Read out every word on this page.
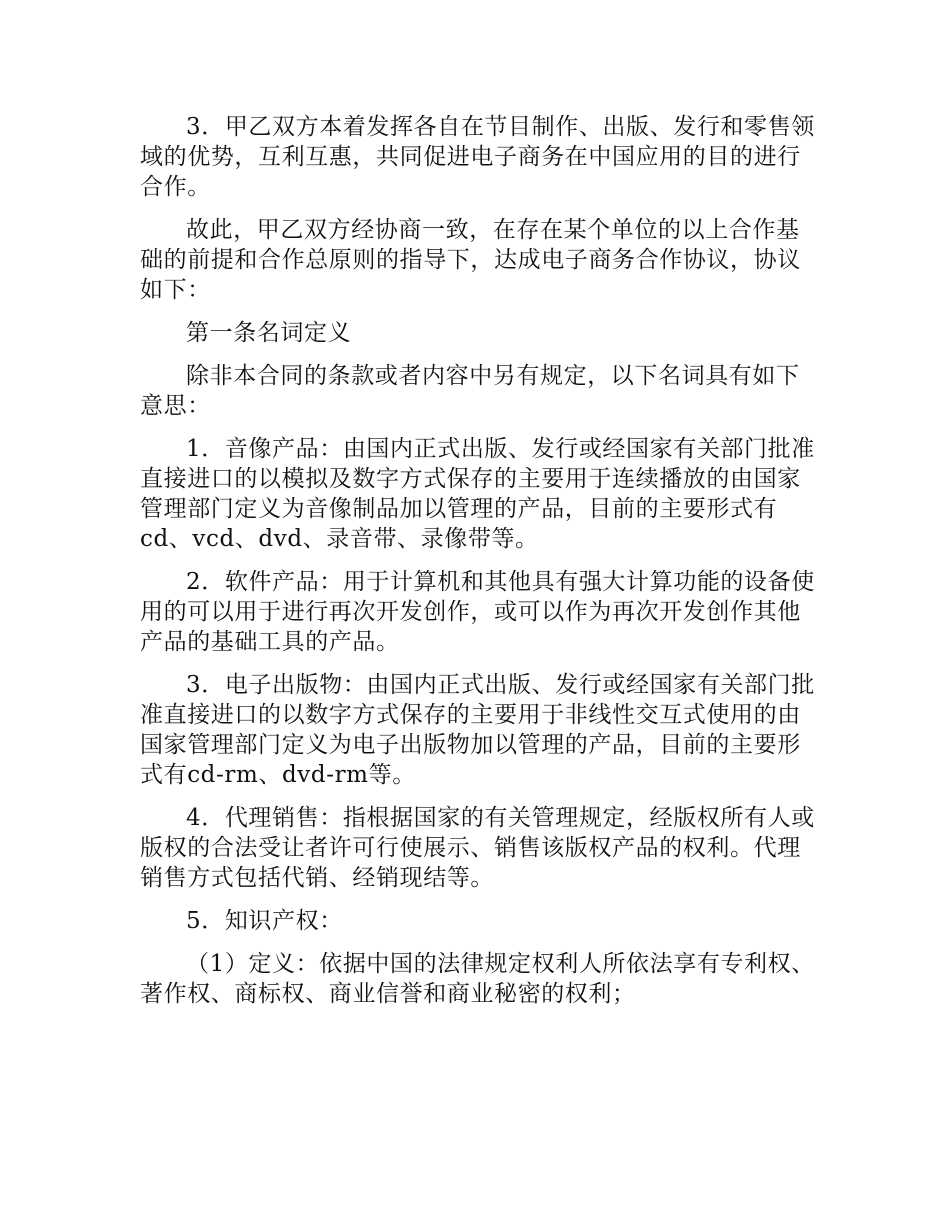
3．甲乙双方本着发挥各自在节目制作、出版、发行和零售领域的优势，互利互惠，共同促进电子商务在中国应用的目的进行合作。

故此，甲乙双方经协商一致，在存在某个单位的以上合作基础的前提和合作总原则的指导下，达成电子商务合作协议，协议如下：

第一条名词定义

除非本合同的条款或者内容中另有规定，以下名词具有如下意思：

1．音像产品：由国内正式出版、发行或经国家有关部门批准直接进口的以模拟及数字方式保存的主要用于连续播放的由国家管理部门定义为音像制品加以管理的产品，目前的主要形式有cd、vcd、dvd、录音带、录像带等。

2．软件产品：用于计算机和其他具有强大计算功能的设备使用的可以用于进行再次开发创作，或可以作为再次开发创作其他产品的基础工具的产品。

3．电子出版物：由国内正式出版、发行或经国家有关部门批准直接进口的以数字方式保存的主要用于非线性交互式使用的由国家管理部门定义为电子出版物加以管理的产品，目前的主要形式有cd-rm、dvd-rm等。

4．代理销售：指根据国家的有关管理规定，经版权所有人或版权的合法受让者许可行使展示、销售该版权产品的权利。代理销售方式包括代销、经销现结等。

5．知识产权：

（1）定义：依据中国的法律规定权利人所依法享有专利权、著作权、商标权、商业信誉和商业秘密的权利；
